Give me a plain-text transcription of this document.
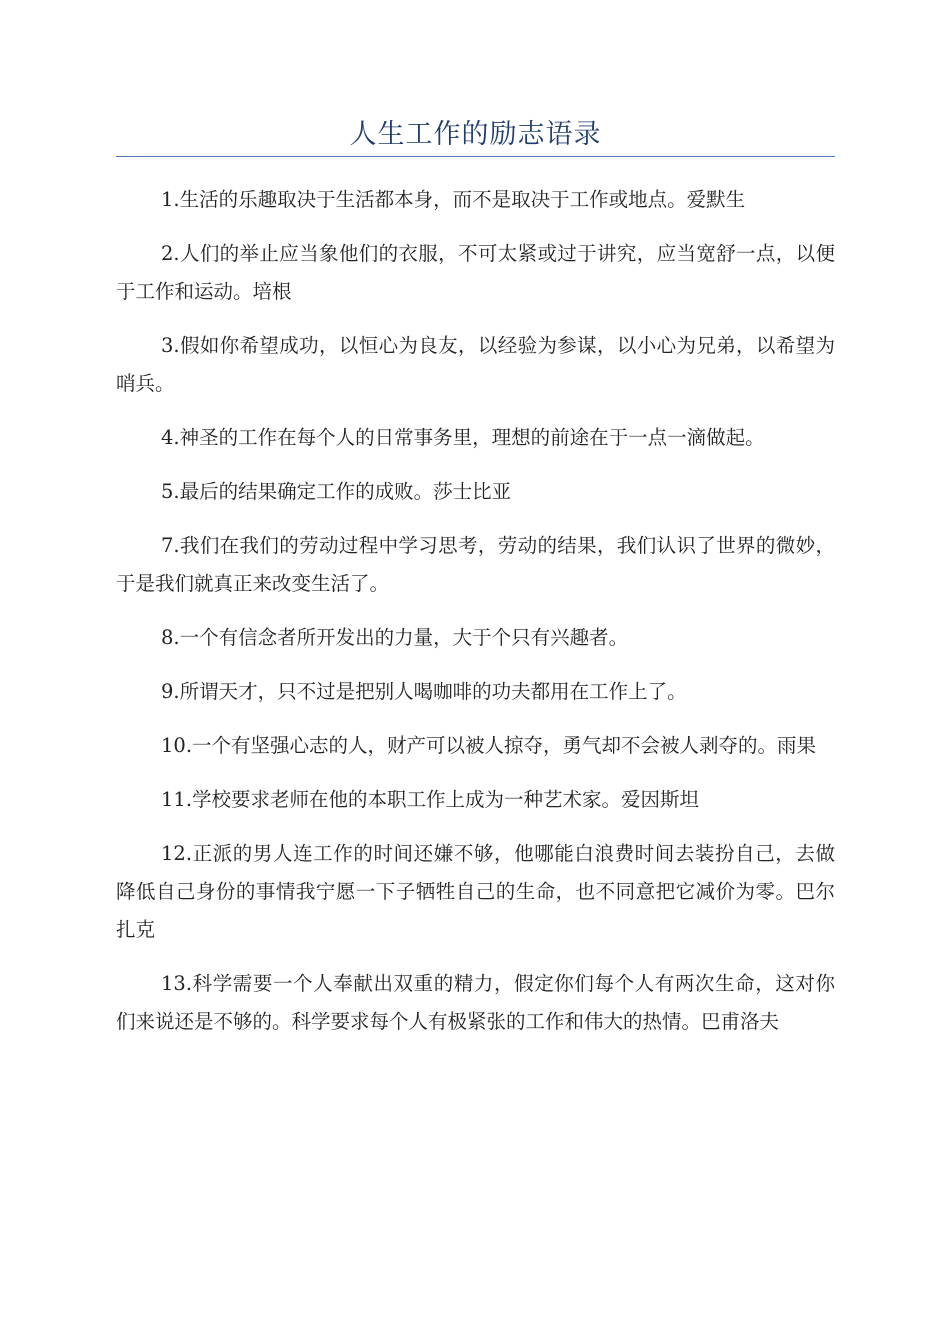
人生工作的励志语录

1.生活的乐趣取决于生活都本身，而不是取决于工作或地点。爱默生

2.人们的举止应当象他们的衣服，不可太紧或过于讲究，应当宽舒一点，以便于工作和运动。培根

3.假如你希望成功，以恒心为良友，以经验为参谋，以小心为兄弟，以希望为哨兵。

4.神圣的工作在每个人的日常事务里，理想的前途在于一点一滴做起。

5.最后的结果确定工作的成败。莎士比亚

7.我们在我们的劳动过程中学习思考，劳动的结果，我们认识了世界的微妙，于是我们就真正来改变生活了。

8.一个有信念者所开发出的力量，大于个只有兴趣者。

9.所谓天才，只不过是把别人喝咖啡的功夫都用在工作上了。

10.一个有坚强心志的人，财产可以被人掠夺，勇气却不会被人剥夺的。雨果

11.学校要求老师在他的本职工作上成为一种艺术家。爱因斯坦

12.正派的男人连工作的时间还嫌不够，他哪能白浪费时间去装扮自己，去做降低自己身份的事情我宁愿一下子牺牲自己的生命，也不同意把它减价为零。巴尔扎克

13.科学需要一个人奉献出双重的精力，假定你们每个人有两次生命，这对你们来说还是不够的。科学要求每个人有极紧张的工作和伟大的热情。巴甫洛夫
